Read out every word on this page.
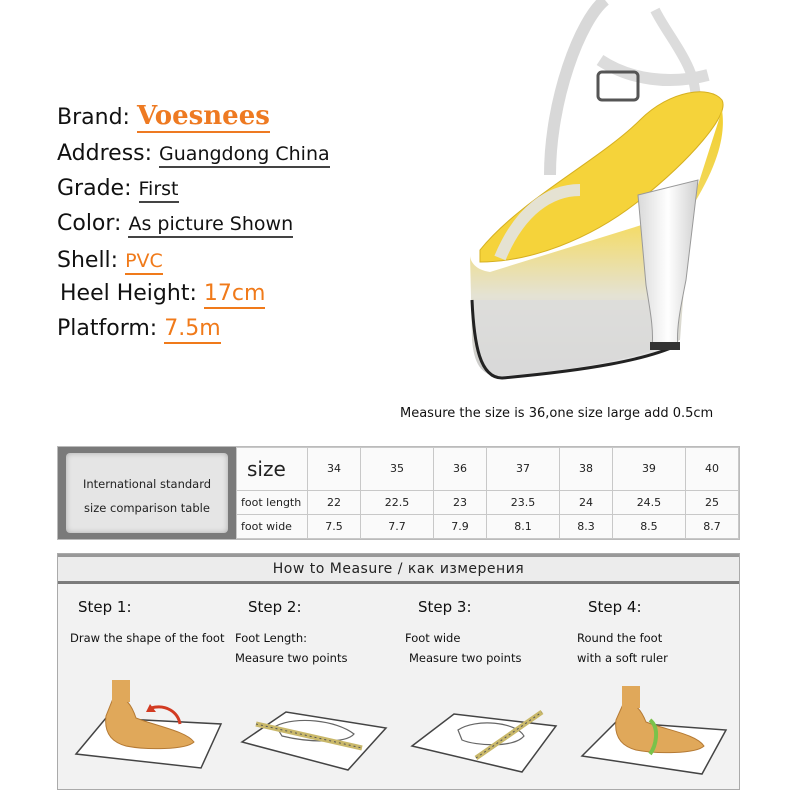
Brand: Voesnees
Address: Guangdong China
Grade: First
Color: As picture Shown
Shell: PVC
Heel Height: 17cm
Platform: 7.5m
Measure the size is 36,one size large add 0.5cm
International standard
size comparison table
size	34	35	36	37	38	39	40
foot length	22	22.5	23	23.5	24	24.5	25
foot wide	7.5	7.7	7.9	8.1	8.3	8.5	8.7
How to Measure / как измерения
Step 1:
Draw the shape of the foot
Step 2:
Foot Length:
Measure two points
Step 3:
Foot wide
Measure two points
Step 4:
Round the foot
with a soft ruler
